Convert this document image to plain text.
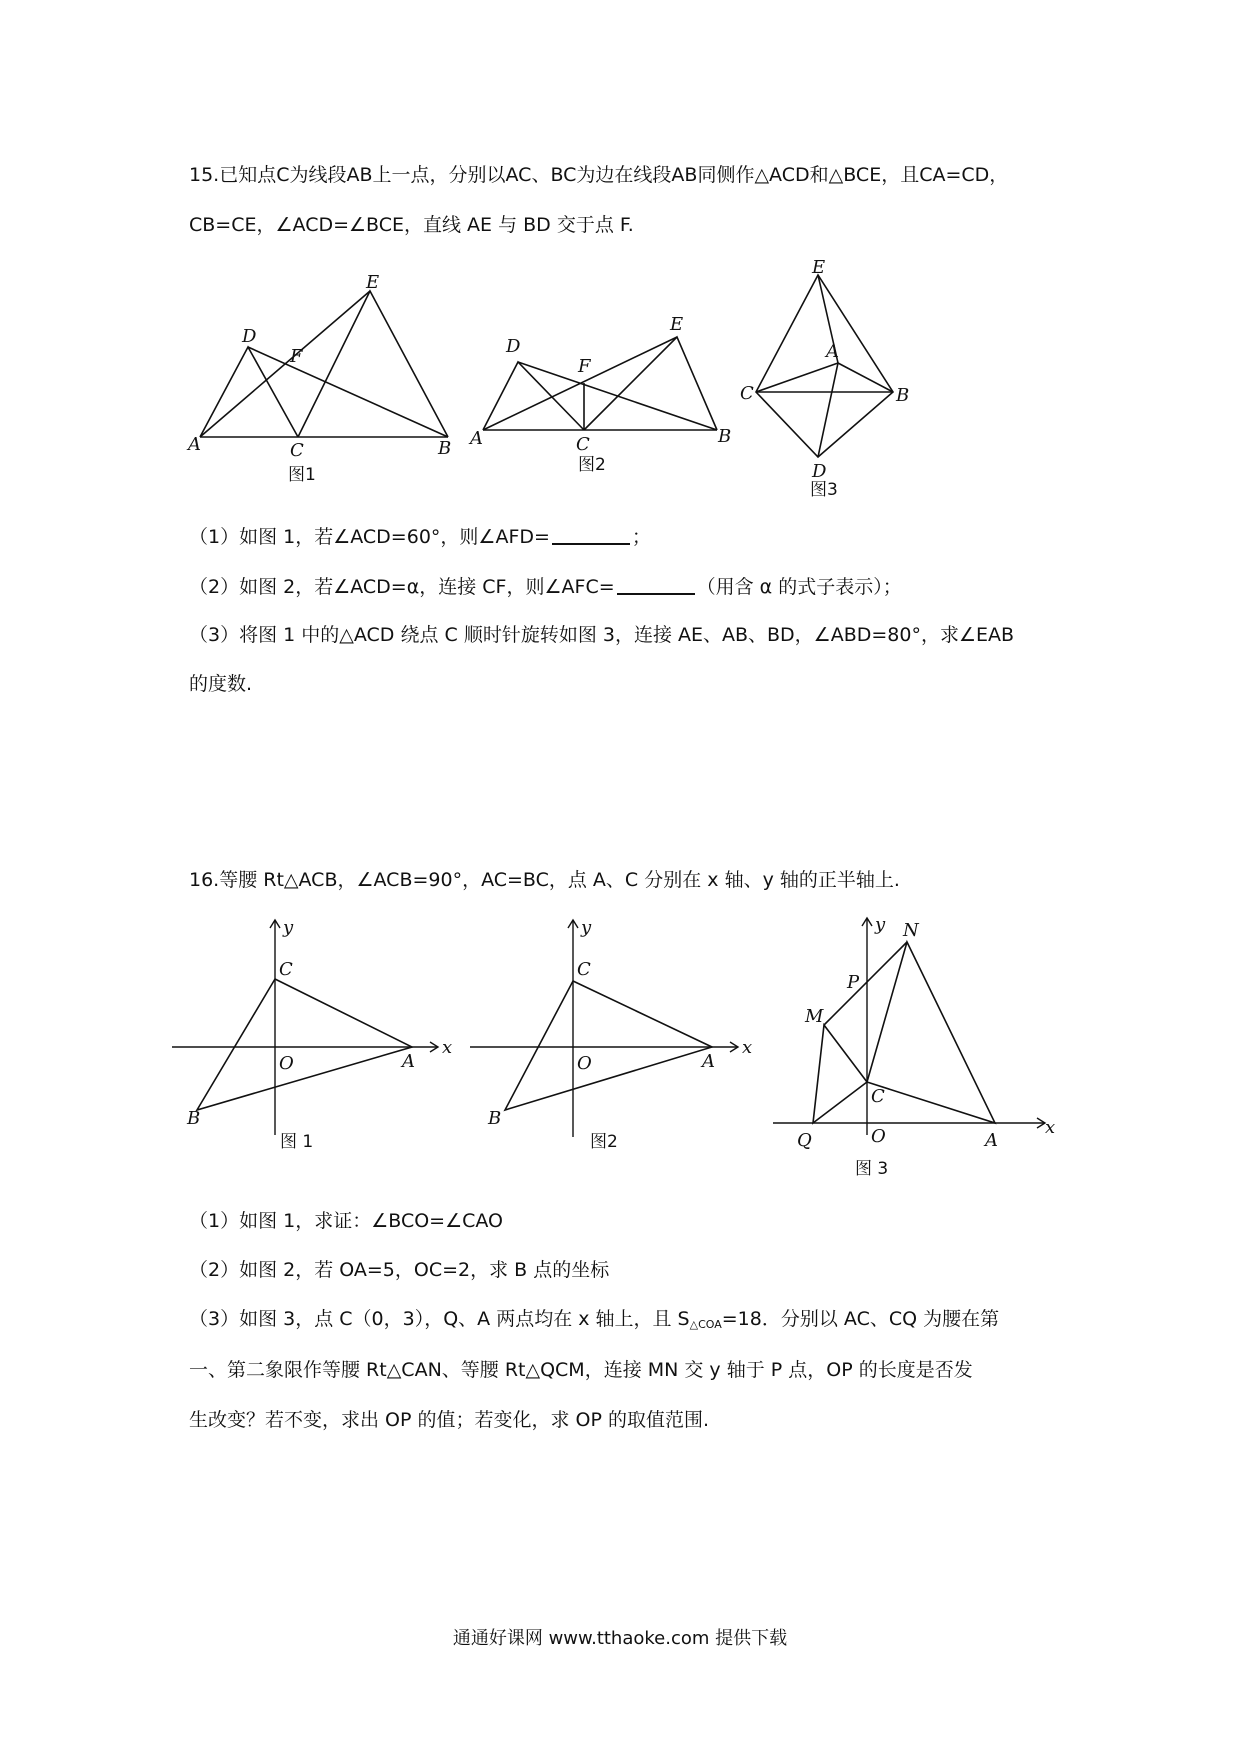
15.已知点C为线段AB上一点，分别以AC、BC为边在线段AB同侧作△ACD和△BCE，且CA=CD，
CB=CE，∠ACD=∠BCE，直线 AE 与 BD 交于点 F.
A	C	B
D
E
F
图1
A	C	B
D
E
F
图2
E
C	B
A
D
图3
（1）如图 1，若∠ACD=60°，则∠AFD=	；
（2）如图 2，若∠ACD=α，连接 CF，则∠AFC=	（用含 α 的式子表示）；
（3）将图 1 中的△ACD 绕点 C 顺时针旋转如图 3，连接 AE、AB、BD，∠ABD=80°，求∠EAB
的度数.
16.等腰 Rt△ACB，∠ACB=90°，AC=BC，点 A、C 分别在 x 轴、y 轴的正半轴上.
y
x
C
A
O
B
图 1
y
x
C
A
O
B
图2
y
x
N
P
M
C
O	A
Q
图 3
（1）如图 1，求证：∠BCO=∠CAO
（2）如图 2，若 OA=5，OC=2，求 B 点的坐标
（3）如图 3，点 C（0，3），Q、A 两点均在 x 轴上，且 $S_{\triangle COA}=18$．分别以 AC、CQ 为腰在第
一、第二象限作等腰 Rt△CAN、等腰 Rt△QCM，连接 MN 交 y 轴于 P 点，OP 的长度是否发
生改变？若不变，求出 OP 的值；若变化，求 OP 的取值范围.
通通好课网 www.tthaoke.com 提供下载
